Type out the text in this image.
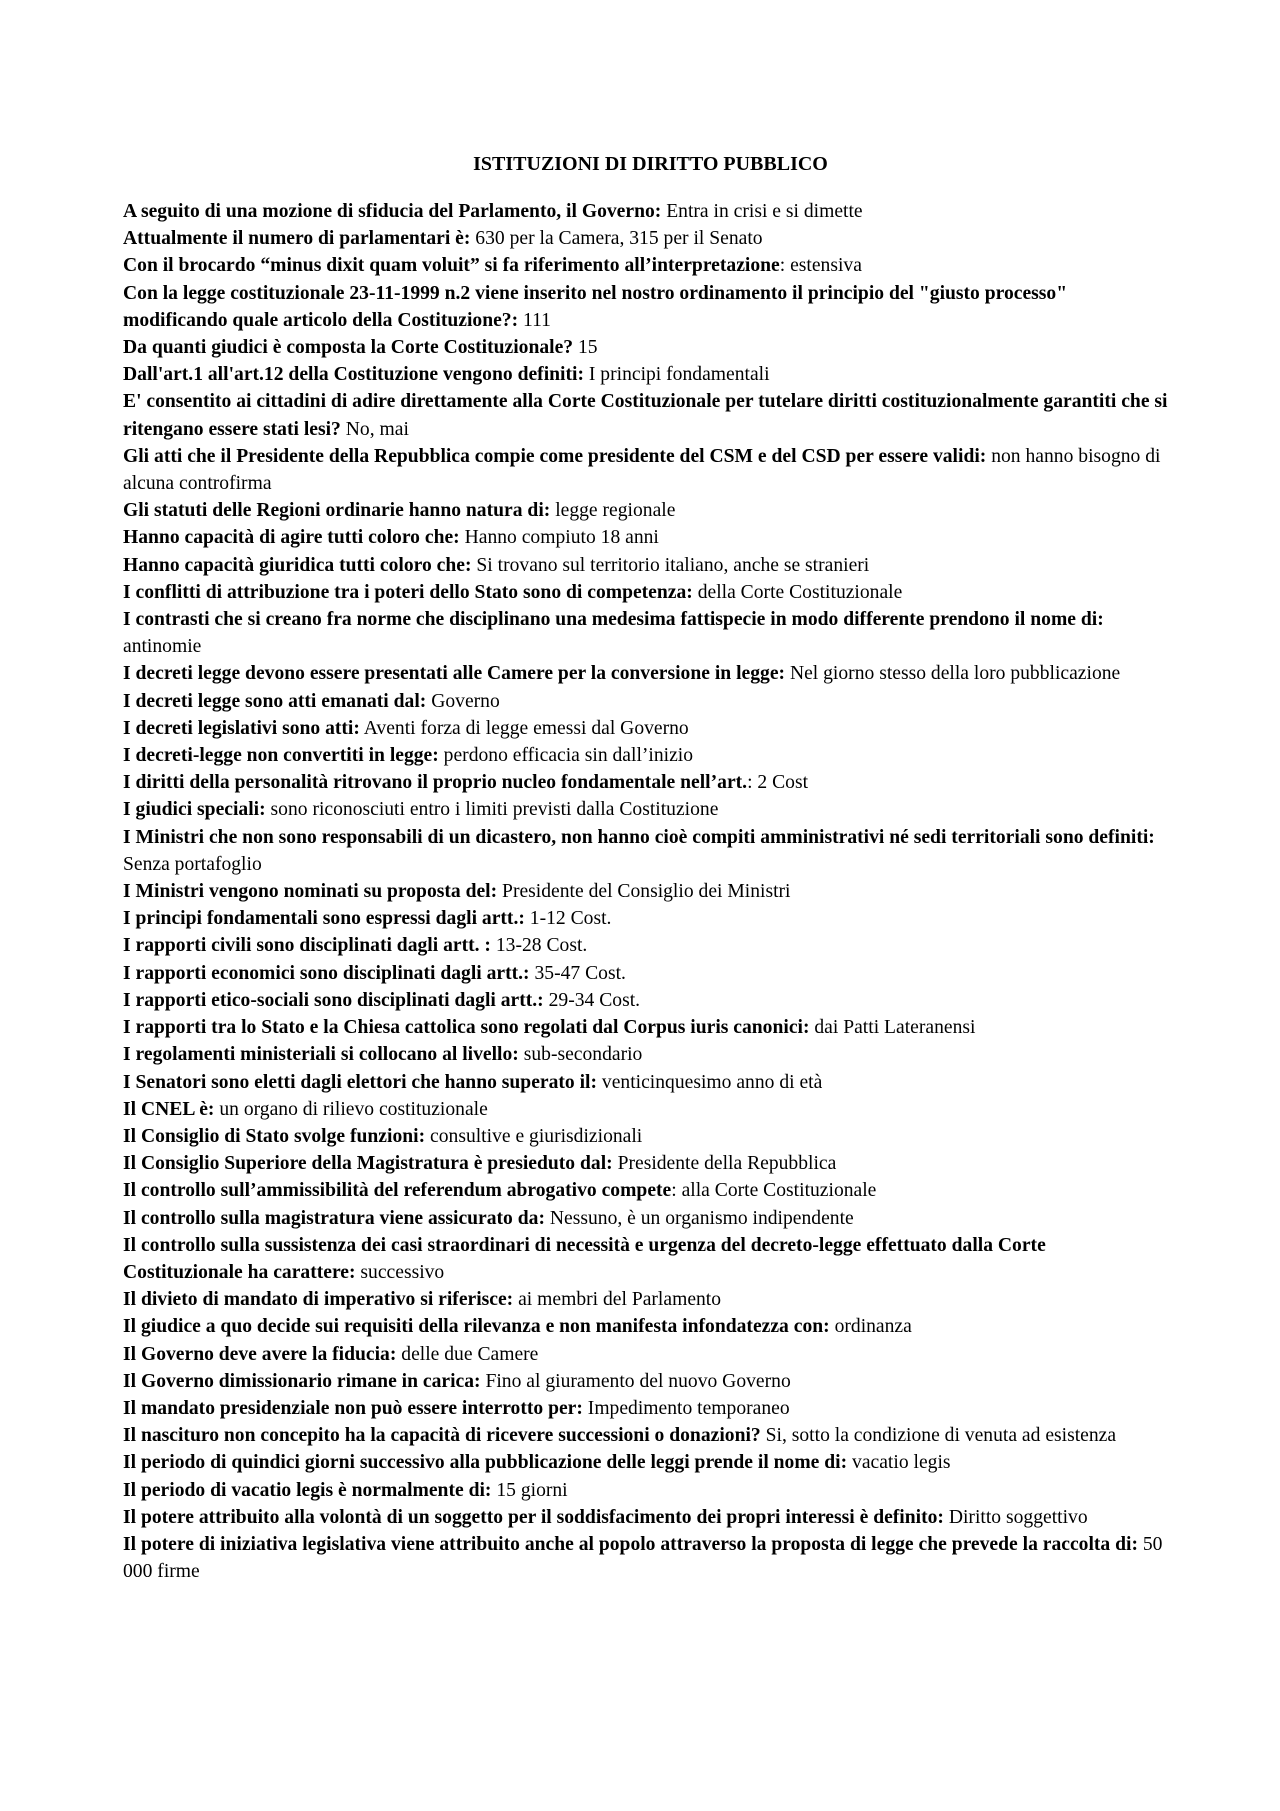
ISTITUZIONI DI DIRITTO PUBBLICO
A seguito di una mozione di sfiducia del Parlamento, il Governo: Entra in crisi e si dimette
Attualmente il numero di parlamentari è: 630 per la Camera, 315 per il Senato
Con il brocardo “minus dixit quam voluit” si fa riferimento all’interpretazione: estensiva
Con la legge costituzionale 23-11-1999 n.2 viene inserito nel nostro ordinamento il principio del "giusto processo" modificando quale articolo della Costituzione?: 111
Da quanti giudici è composta la Corte Costituzionale? 15
Dall'art.1 all'art.12 della Costituzione vengono definiti: I principi fondamentali
E' consentito ai cittadini di adire direttamente alla Corte Costituzionale per tutelare diritti costituzionalmente garantiti che si ritengano essere stati lesi? No, mai
Gli atti che il Presidente della Repubblica compie come presidente del CSM e del CSD per essere validi: non hanno bisogno di alcuna controfirma
Gli statuti delle Regioni ordinarie hanno natura di: legge regionale
Hanno capacità di agire tutti coloro che: Hanno compiuto 18 anni
Hanno capacità giuridica tutti coloro che: Si trovano sul territorio italiano, anche se stranieri
I conflitti di attribuzione tra i poteri dello Stato sono di competenza: della Corte Costituzionale
I contrasti che si creano fra norme che disciplinano una medesima fattispecie in modo differente prendono il nome di: antinomie
I decreti legge devono essere presentati alle Camere per la conversione in legge: Nel giorno stesso della loro pubblicazione
I decreti legge sono atti emanati dal: Governo
I decreti legislativi sono atti: Aventi forza di legge emessi dal Governo
I decreti-legge non convertiti in legge: perdono efficacia sin dall’inizio
I diritti della personalità ritrovano il proprio nucleo fondamentale nell’art.: 2 Cost
I giudici speciali: sono riconosciuti entro i limiti previsti dalla Costituzione
I Ministri che non sono responsabili di un dicastero, non hanno cioè compiti amministrativi né sedi territoriali sono definiti: Senza portafoglio
I Ministri vengono nominati su proposta del: Presidente del Consiglio dei Ministri
I principi fondamentali sono espressi dagli artt.: 1-12 Cost.
I rapporti civili sono disciplinati dagli artt. : 13-28 Cost.
I rapporti economici sono disciplinati dagli artt.: 35-47 Cost.
I rapporti etico-sociali sono disciplinati dagli artt.: 29-34 Cost.
I rapporti tra lo Stato e la Chiesa cattolica sono regolati dal Corpus iuris canonici: dai Patti Lateranensi
I regolamenti ministeriali si collocano al livello: sub-secondario
I Senatori sono eletti dagli elettori che hanno superato il: venticinquesimo anno di età
Il CNEL è: un organo di rilievo costituzionale
Il Consiglio di Stato svolge funzioni: consultive e giurisdizionali
Il Consiglio Superiore della Magistratura è presieduto dal: Presidente della Repubblica
Il controllo sull’ammissibilità del referendum abrogativo compete: alla Corte Costituzionale
Il controllo sulla magistratura viene assicurato da: Nessuno, è un organismo indipendente
Il controllo sulla sussistenza dei casi straordinari di necessità e urgenza del decreto-legge effettuato dalla Corte Costituzionale ha carattere: successivo
Il divieto di mandato di imperativo si riferisce: ai membri del Parlamento
Il giudice a quo decide sui requisiti della rilevanza e non manifesta infondatezza con: ordinanza
Il Governo deve avere la fiducia: delle due Camere
Il Governo dimissionario rimane in carica: Fino al giuramento del nuovo Governo
Il mandato presidenziale non può essere interrotto per: Impedimento temporaneo
Il nascituro non concepito ha la capacità di ricevere successioni o donazioni? Si, sotto la condizione di venuta ad esistenza
Il periodo di quindici giorni successivo alla pubblicazione delle leggi prende il nome di: vacatio legis
Il periodo di vacatio legis è normalmente di: 15 giorni
Il potere attribuito alla volontà di un soggetto per il soddisfacimento dei propri interessi è definito: Diritto soggettivo
Il potere di iniziativa legislativa viene attribuito anche al popolo attraverso la proposta di legge che prevede la raccolta di: 50 000 firme
